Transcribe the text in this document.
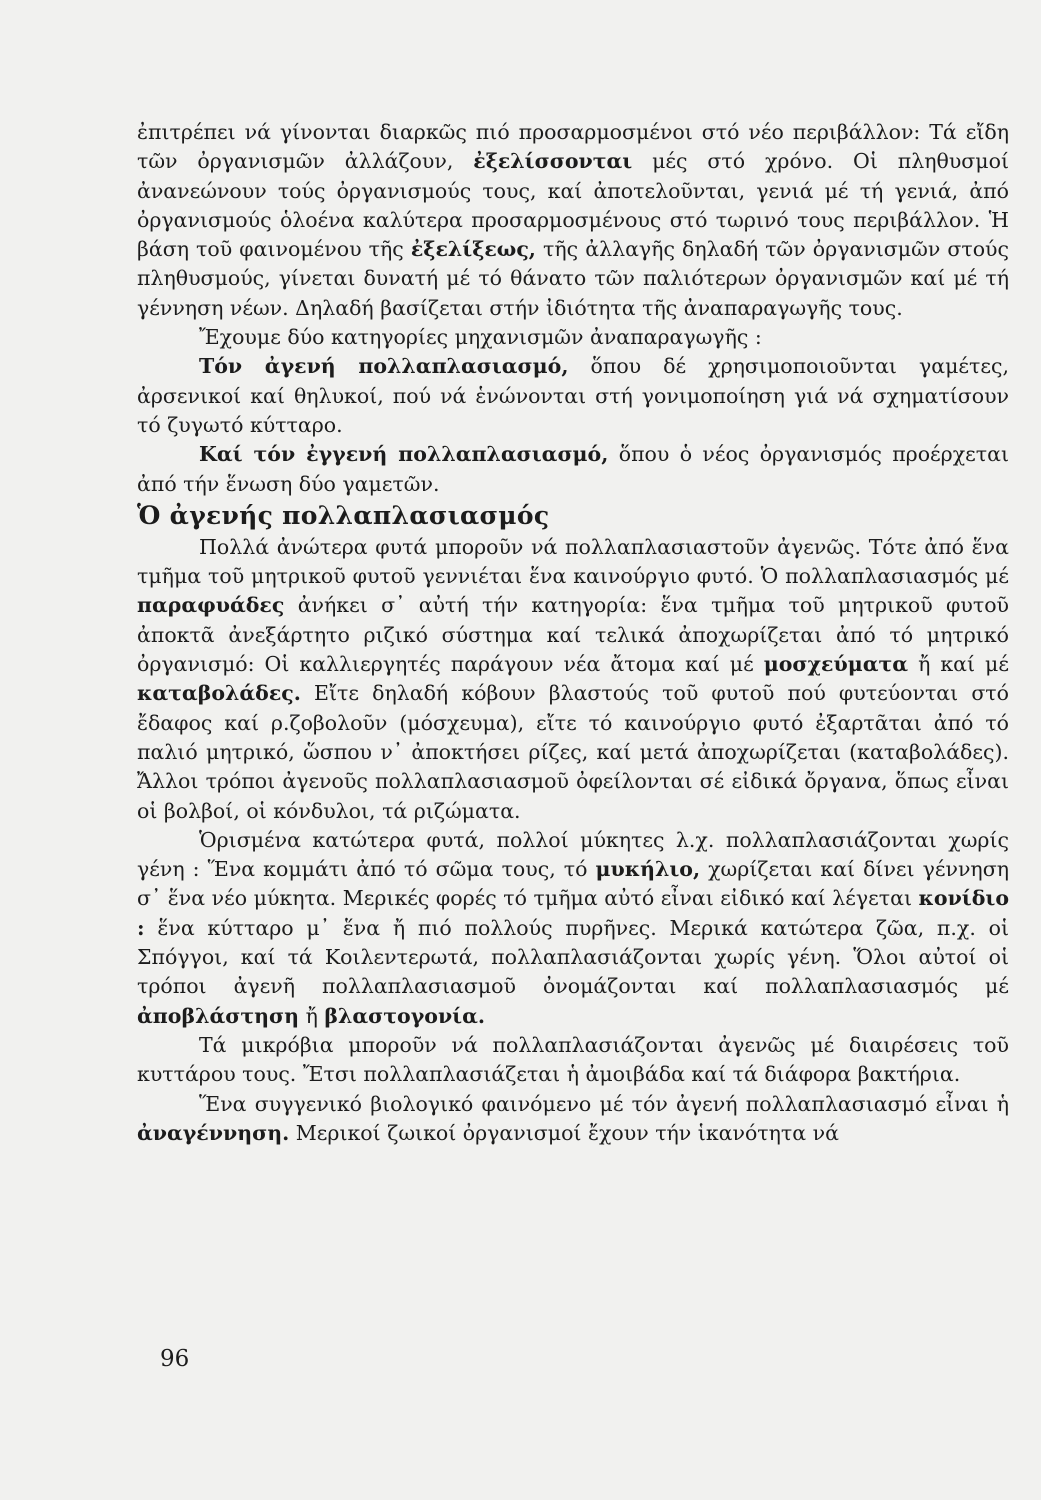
ἐπιτρέπει νά γίνονται διαρκῶς πιό προσαρμοσμένοι στό νέο περιβάλλον: Τά εἴδη τῶν ὀργανισμῶν ἀλλάζουν, ἐξελίσσονται μές στό χρόνο. Οἱ πληθυσμοί ἀνανεώνουν τούς ὀργανισμούς τους, καί ἀποτελοῦνται, γενιά μέ τή γενιά, ἀπό ὀργανισμούς ὁλοένα καλύτερα προσαρμοσμένους στό τωρινό τους περιβάλλον. Ἡ βάση τοῦ φαινομένου τῆς ἐξελίξεως, τῆς ἀλλαγῆς δηλαδή τῶν ὀργανισμῶν στούς πληθυσμούς, γίνεται δυνατή μέ τό θάνατο τῶν παλιότερων ὀργανισμῶν καί μέ τή γέννηση νέων. Δηλαδή βασίζεται στήν ἰδιότητα τῆς ἀναπαραγωγῆς τους.

Ἔχουμε δύο κατηγορίες μηχανισμῶν ἀναπαραγωγῆς :

Τόν ἀγενή πολλαπλασιασμό, ὅπου δέ χρησιμοποιοῦνται γαμέτες, ἀρσενικοί καί θηλυκοί, πού νά ἑνώνονται στή γονιμοποίηση γιά νά σχηματίσουν τό ζυγωτό κύτταρο.

Καί τόν ἐγγενή πολλαπλασιασμό, ὅπου ὁ νέος ὀργανισμός προέρχεται ἀπό τήν ἕνωση δύο γαμετῶν.

Ὁ ἀγενής πολλαπλασιασμός

Πολλά ἀνώτερα φυτά μποροῦν νά πολλαπλασιαστοῦν ἀγενῶς. Τότε ἀπό ἕνα τμῆμα τοῦ μητρικοῦ φυτοῦ γεννιέται ἕνα καινούργιο φυτό. Ὁ πολλαπλασιασμός μέ παραφυάδες ἀνήκει σ᾽ αὐτή τήν κατηγορία: ἕνα τμῆμα τοῦ μητρικοῦ φυτοῦ ἀποκτᾶ ἀνεξάρτητο ριζικό σύστημα καί τελικά ἀποχωρίζεται ἀπό τό μητρικό ὀργανισμό: Οἱ καλλιεργητές παράγουν νέα ἄτομα καί μέ μοσχεύματα ἤ καί μέ καταβολάδες. Εἴτε δηλαδή κόβουν βλαστούς τοῦ φυτοῦ πού φυτεύονται στό ἔδαφος καί ρ.ζοβολοῦν (μόσχευμα), εἴτε τό καινούργιο φυτό ἐξαρτᾶται ἀπό τό παλιό μητρικό, ὥσπου ν᾽ ἀποκτήσει ρίζες, καί μετά ἀποχωρίζεται (καταβολάδες). Ἄλλοι τρόποι ἀγενοῦς πολλαπλασιασμοῦ ὀφείλονται σέ εἰδικά ὄργανα, ὅπως εἶναι οἱ βολβοί, οἱ κόνδυλοι, τά ριζώματα.

Ὁρισμένα κατώτερα φυτά, πολλοί μύκητες λ.χ. πολλαπλασιάζονται χωρίς γένη : Ἕνα κομμάτι ἀπό τό σῶμα τους, τό μυκήλιο, χωρίζεται καί δίνει γέννηση σ᾽ ἕνα νέο μύκητα. Μερικές φορές τό τμῆμα αὐτό εἶναι εἰδικό καί λέγεται κονίδιο : ἕνα κύτταρο μ᾽ ἕνα ἤ πιό πολλούς πυρῆνες. Μερικά κατώτερα ζῶα, π.χ. οἱ Σπόγγοι, καί τά Κοιλεντερωτά, πολλαπλασιάζονται χωρίς γένη. Ὅλοι αὐτοί οἱ τρόποι ἀγενῆ πολλαπλασιασμοῦ ὀνομάζονται καί πολλαπλασιασμός μέ ἀποβλάστηση ἤ βλαστογονία.

Τά μικρόβια μποροῦν νά πολλαπλασιάζονται ἀγενῶς μέ διαιρέσεις τοῦ κυττάρου τους. Ἔτσι πολλαπλασιάζεται ἡ ἀμοιβάδα καί τά διάφορα βακτήρια.

Ἕνα συγγενικό βιολογικό φαινόμενο μέ τόν ἀγενή πολλαπλασιασμό εἶναι ἡ ἀναγέννηση. Μερικοί ζωικοί ὀργανισμοί ἔχουν τήν ἱκανότητα νά

96
